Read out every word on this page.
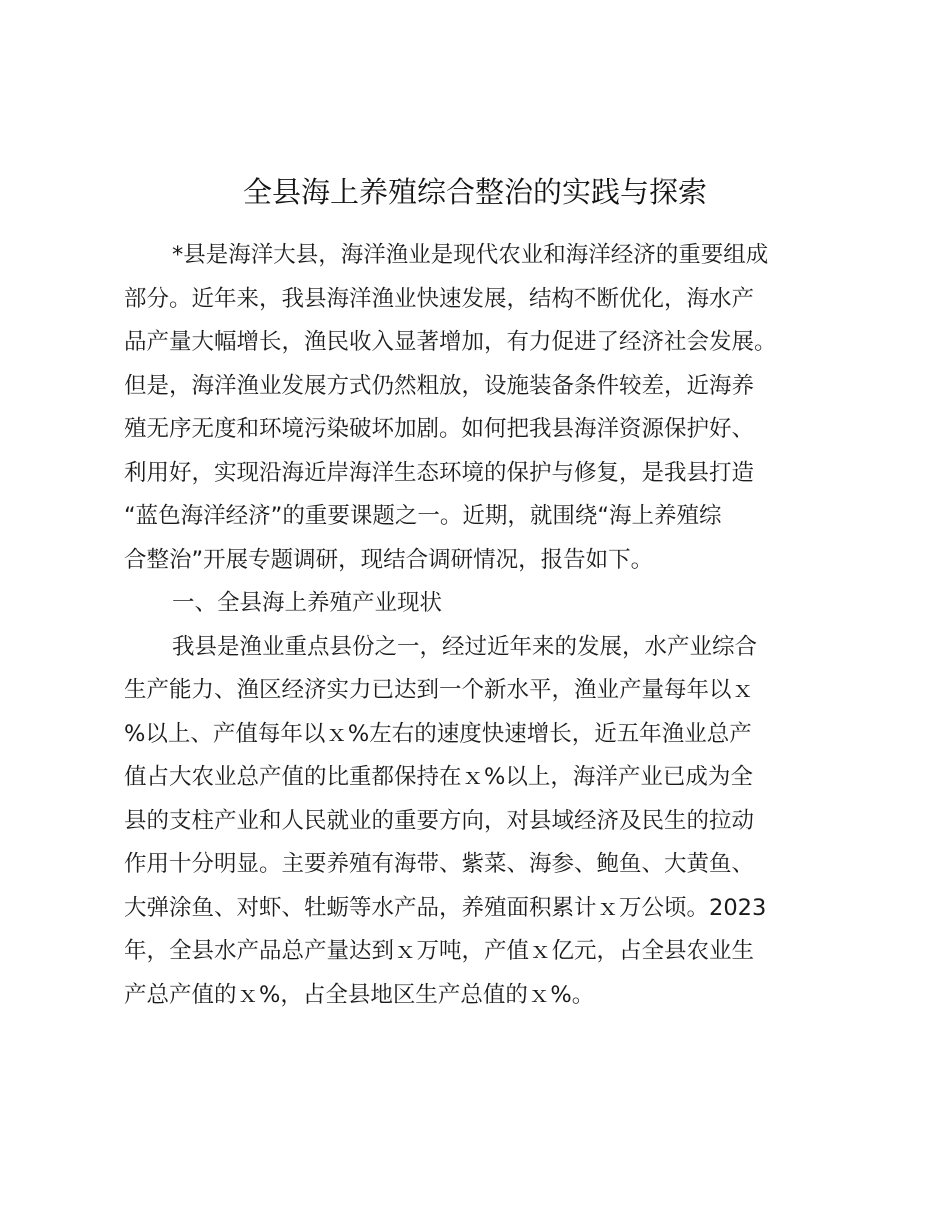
全县海上养殖综合整治的实践与探索
*县是海洋大县，海洋渔业是现代农业和海洋经济的重要组成
部分。近年来，我县海洋渔业快速发展，结构不断优化，海水产
品产量大幅增长，渔民收入显著增加，有力促进了经济社会发展。
但是，海洋渔业发展方式仍然粗放，设施装备条件较差，近海养
殖无序无度和环境污染破坏加剧。如何把我县海洋资源保护好、
利用好，实现沿海近岸海洋生态环境的保护与修复，是我县打造
“蓝色海洋经济”的重要课题之一。近期，就围绕“海上养殖综
合整治”开展专题调研，现结合调研情况，报告如下。
一、全县海上养殖产业现状
我县是渔业重点县份之一，经过近年来的发展，水产业综合
生产能力、渔区经济实力已达到一个新水平，渔业产量每年以ｘ
%以上、产值每年以ｘ%左右的速度快速增长，近五年渔业总产
值占大农业总产值的比重都保持在ｘ%以上，海洋产业已成为全
县的支柱产业和人民就业的重要方向，对县域经济及民生的拉动
作用十分明显。主要养殖有海带、紫菜、海参、鲍鱼、大黄鱼、
大弹涂鱼、对虾、牡蛎等水产品，养殖面积累计ｘ万公顷。2023
年，全县水产品总产量达到ｘ万吨，产值ｘ亿元，占全县农业生
产总产值的ｘ%，占全县地区生产总值的ｘ%。
